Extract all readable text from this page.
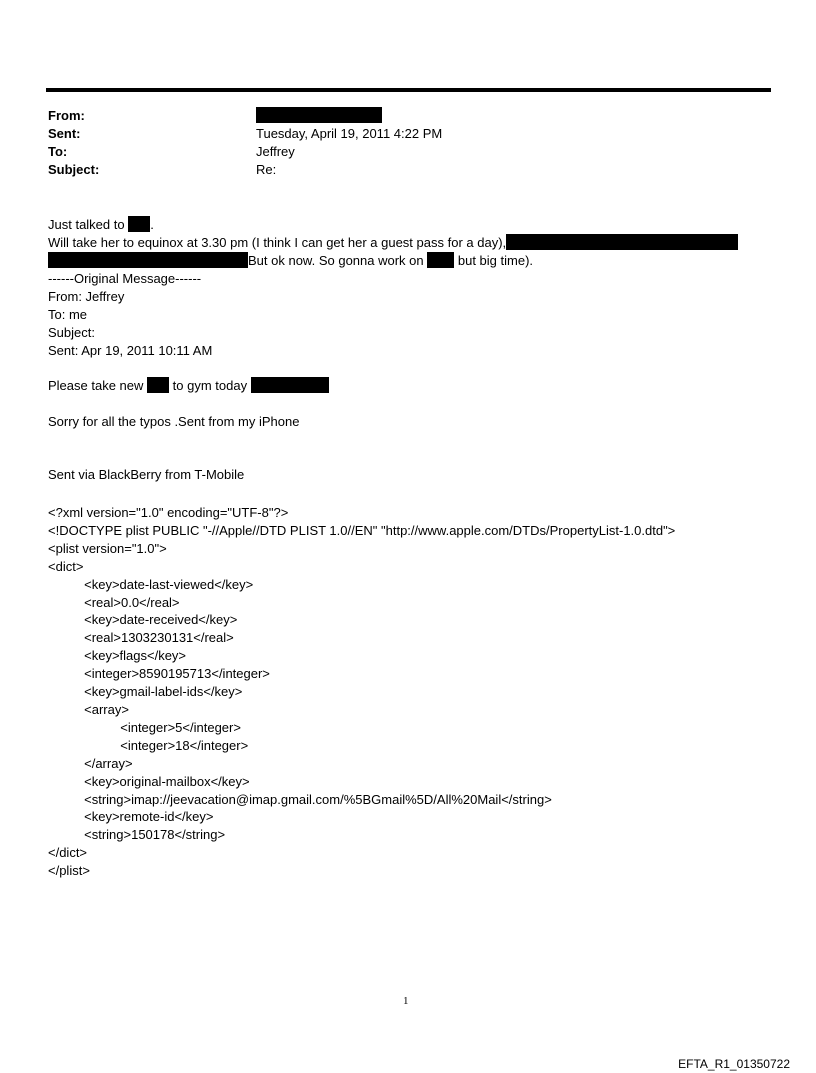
From:
Sent:	Tuesday, April 19, 2011 4:22 PM
To:	Jeffrey
Subject:	Re:
Just talked to .
Will take her to equinox at 3.30 pm (I think I can get her a guest pass for a day),
But ok now. So gonna work on	but big time).
------Original Message------
From: Jeffrey
To: me
Subject:
Sent: Apr 19, 2011 10:11 AM
Please take new to gym today
Sorry for all the typos .Sent from my iPhone
Sent via BlackBerry from T-Mobile
<?xml version="1.0" encoding="UTF-8"?>
<!DOCTYPE plist PUBLIC "-//Apple//DTD PLIST 1.0//EN" "http://www.apple.com/DTDs/PropertyList-1.0.dtd">
<plist version="1.0">
<dict>
<key>date-last-viewed</key>
<real>0.0</real>
<key>date-received</key>
<real>1303230131</real>
<key>flags</key>
<integer>8590195713</integer>
<key>gmail-label-ids</key>
<array>
<integer>5</integer>
<integer>18</integer>
</array>
<key>original-mailbox</key>
<string>imap://jeevacation@imap.gmail.com/%5BGmail%5D/All%20Mail</string>
<key>remote-id</key>
<string>150178</string>
</dict>
</plist>
1
EFTA_R1_01350722
